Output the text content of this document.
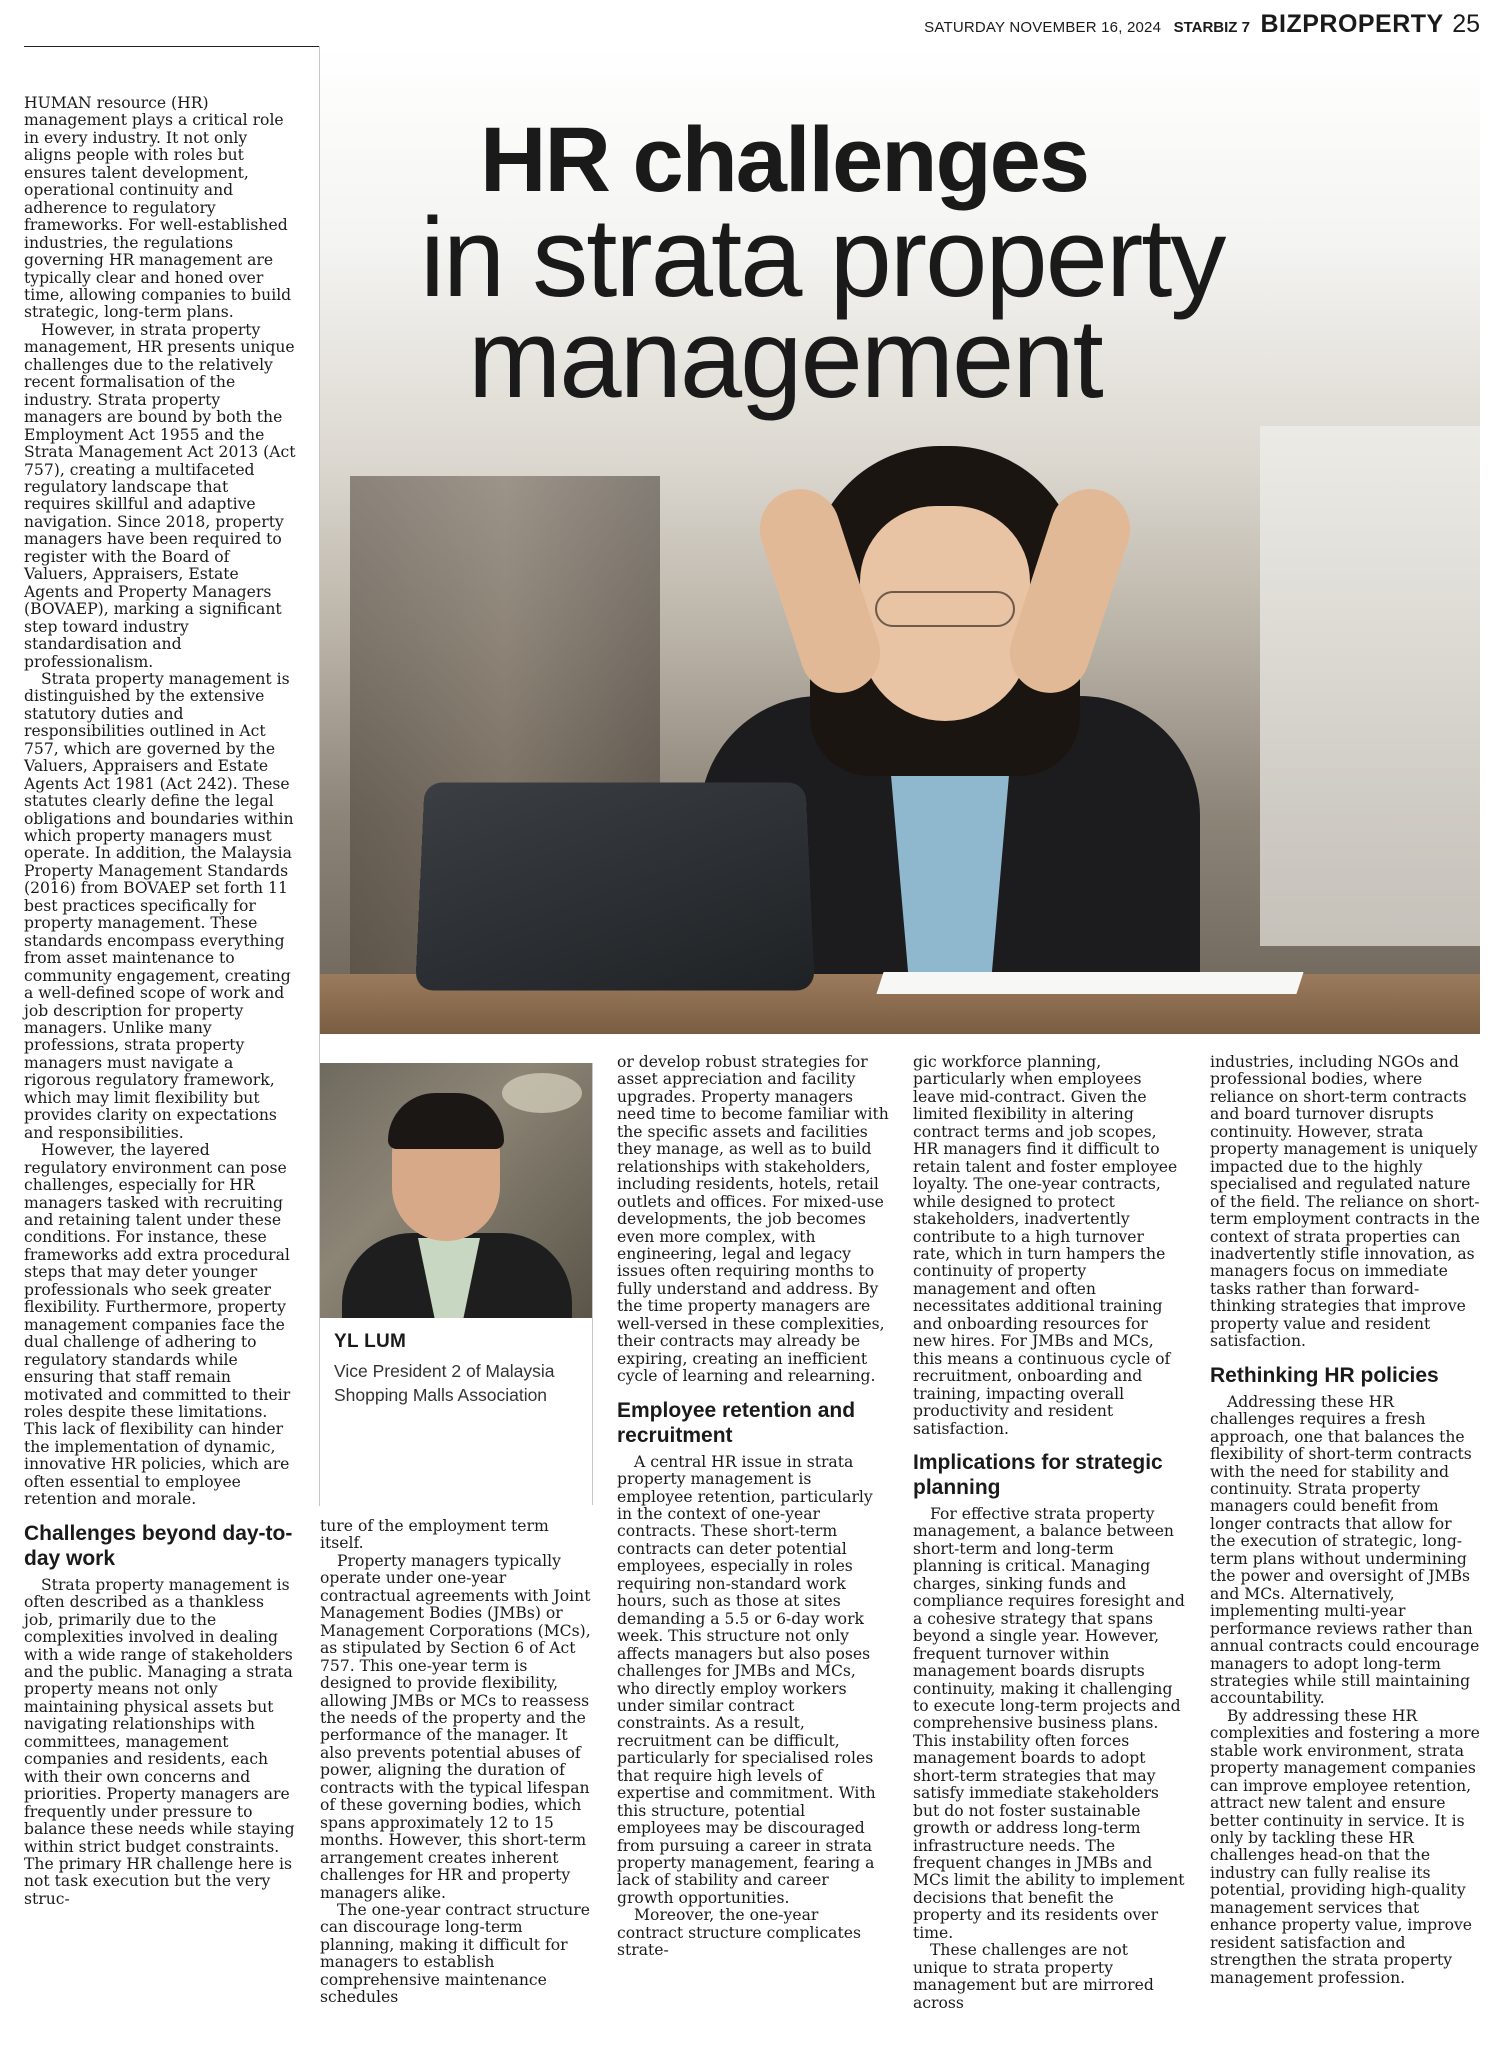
SATURDAY NOVEMBER 16, 2024 STARBIZ 7 BIZPROPERTY 25
HR challenges
in strata property
management

YL LUM

Vice President 2 of Malaysia Shopping Malls Association

HUMAN resource (HR) management plays a critical role in every industry. It not only aligns people with roles but ensures talent development, operational continuity and adherence to regulatory frameworks. For well-established industries, the regulations governing HR management are typically clear and honed over time, allowing companies to build strategic, long-term plans.

However, in strata property management, HR presents unique challenges due to the relatively recent formalisation of the industry. Strata property managers are bound by both the Employment Act 1955 and the Strata Management Act 2013 (Act 757), creating a multifaceted regulatory landscape that requires skillful and adaptive navigation. Since 2018, property managers have been required to register with the Board of Valuers, Appraisers, Estate Agents and Property Managers (BOVAEP), marking a significant step toward industry standardisation and professionalism.

Strata property management is distinguished by the extensive statutory duties and responsibilities outlined in Act 757, which are governed by the Valuers, Appraisers and Estate Agents Act 1981 (Act 242). These statutes clearly define the legal obligations and boundaries within which property managers must operate. In addition, the Malaysia Property Management Standards (2016) from BOVAEP set forth 11 best practices specifically for property management. These standards encompass everything from asset maintenance to community engagement, creating a well-defined scope of work and job description for property managers. Unlike many professions, strata property managers must navigate a rigorous regulatory framework, which may limit flexibility but provides clarity on expectations and responsibilities.

However, the layered regulatory environment can pose challenges, especially for HR managers tasked with recruiting and retaining talent under these conditions. For instance, these frameworks add extra procedural steps that may deter younger professionals who seek greater flexibility. Furthermore, property management companies face the dual challenge of adhering to regulatory standards while ensuring that staff remain motivated and committed to their roles despite these limitations. This lack of flexibility can hinder the implementation of dynamic, innovative HR policies, which are often essential to employee retention and morale.

Challenges beyond day-to-day work

Strata property management is often described as a thankless job, primarily due to the complexities involved in dealing with a wide range of stakeholders and the public. Managing a strata property means not only maintaining physical assets but navigating relationships with committees, management companies and residents, each with their own concerns and priorities. Property managers are frequently under pressure to balance these needs while staying within strict budget constraints. The primary HR challenge here is not task execution but the very struc-

ture of the employment term itself.

Property managers typically operate under one-year contractual agreements with Joint Management Bodies (JMBs) or Management Corporations (MCs), as stipulated by Section 6 of Act 757. This one-year term is designed to provide flexibility, allowing JMBs or MCs to reassess the needs of the property and the performance of the manager. It also prevents potential abuses of power, aligning the duration of contracts with the typical lifespan of these governing bodies, which spans approximately 12 to 15 months. However, this short-term arrangement creates inherent challenges for HR and property managers alike.

The one-year contract structure can discourage long-term planning, making it difficult for managers to establish comprehensive maintenance schedules

or develop robust strategies for asset appreciation and facility upgrades. Property managers need time to become familiar with the specific assets and facilities they manage, as well as to build relationships with stakeholders, including residents, hotels, retail outlets and offices. For mixed-use developments, the job becomes even more complex, with engineering, legal and legacy issues often requiring months to fully understand and address. By the time property managers are well-versed in these complexities, their contracts may already be expiring, creating an inefficient cycle of learning and relearning.

Employee retention and recruitment

A central HR issue in strata property management is employee retention, particularly in the context of one-year contracts. These short-term contracts can deter potential employees, especially in roles requiring non-standard work hours, such as those at sites demanding a 5.5 or 6-day work week. This structure not only affects managers but also poses challenges for JMBs and MCs, who directly employ workers under similar contract constraints. As a result, recruitment can be difficult, particularly for specialised roles that require high levels of expertise and commitment. With this structure, potential employees may be discouraged from pursuing a career in strata property management, fearing a lack of stability and career growth opportunities.

Moreover, the one-year contract structure complicates strate-

gic workforce planning, particularly when employees leave mid-contract. Given the limited flexibility in altering contract terms and job scopes, HR managers find it difficult to retain talent and foster employee loyalty. The one-year contracts, while designed to protect stakeholders, inadvertently contribute to a high turnover rate, which in turn hampers the continuity of property management and often necessitates additional training and onboarding resources for new hires. For JMBs and MCs, this means a continuous cycle of recruitment, onboarding and training, impacting overall productivity and resident satisfaction.

Implications for strategic planning

For effective strata property management, a balance between short-term and long-term planning is critical. Managing charges, sinking funds and compliance requires foresight and a cohesive strategy that spans beyond a single year. However, frequent turnover within management boards disrupts continuity, making it challenging to execute long-term projects and comprehensive business plans. This instability often forces management boards to adopt short-term strategies that may satisfy immediate stakeholders but do not foster sustainable growth or address long-term infrastructure needs. The frequent changes in JMBs and MCs limit the ability to implement decisions that benefit the property and its residents over time.

These challenges are not unique to strata property management but are mirrored across

industries, including NGOs and professional bodies, where reliance on short-term contracts and board turnover disrupts continuity. However, strata property management is uniquely impacted due to the highly specialised and regulated nature of the field. The reliance on short-term employment contracts in the context of strata properties can inadvertently stifle innovation, as managers focus on immediate tasks rather than forward-thinking strategies that improve property value and resident satisfaction.

Rethinking HR policies

Addressing these HR challenges requires a fresh approach, one that balances the flexibility of short-term contracts with the need for stability and continuity. Strata property managers could benefit from longer contracts that allow for the execution of strategic, long-term plans without undermining the power and oversight of JMBs and MCs. Alternatively, implementing multi-year performance reviews rather than annual contracts could encourage managers to adopt long-term strategies while still maintaining accountability.

By addressing these HR complexities and fostering a more stable work environment, strata property management companies can improve employee retention, attract new talent and ensure better continuity in service. It is only by tackling these HR challenges head-on that the industry can fully realise its potential, providing high-quality management services that enhance property value, improve resident satisfaction and strengthen the strata property management profession.
